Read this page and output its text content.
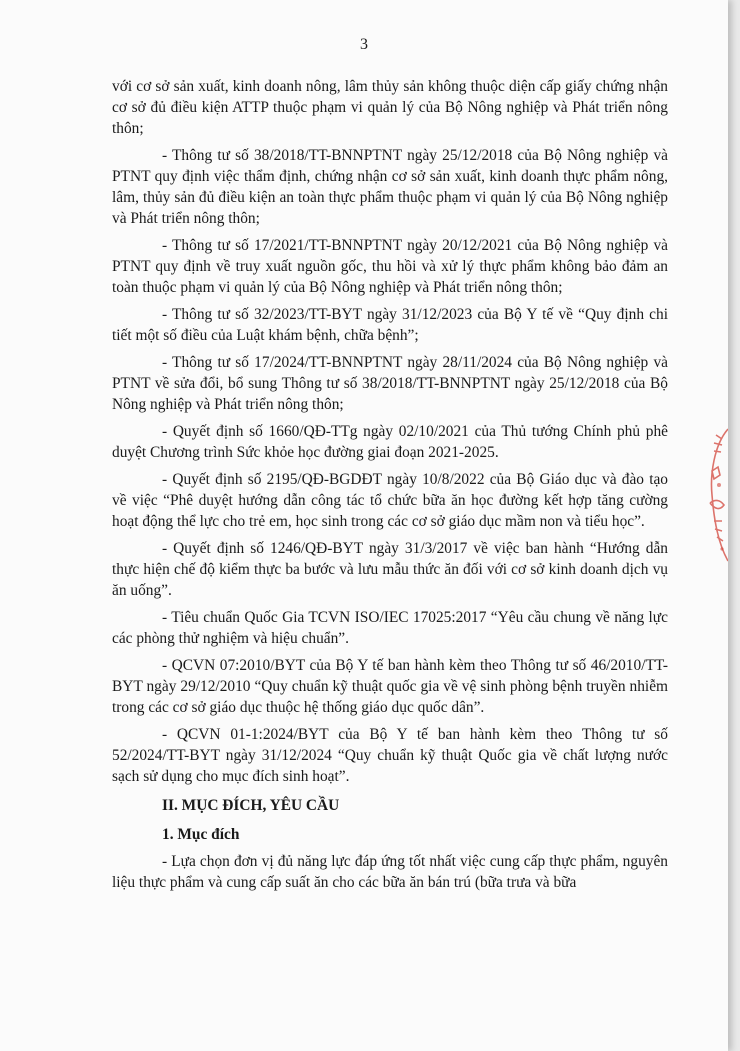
3

với cơ sở sản xuất, kinh doanh nông, lâm thủy sản không thuộc diện cấp giấy chứng nhận cơ sở đủ điều kiện ATTP thuộc phạm vi quản lý của Bộ Nông nghiệp và Phát triển nông thôn;

- Thông tư số 38/2018/TT-BNNPTNT ngày 25/12/2018 của Bộ Nông nghiệp và PTNT quy định việc thẩm định, chứng nhận cơ sở sản xuất, kinh doanh thực phẩm nông, lâm, thủy sản đủ điều kiện an toàn thực phẩm thuộc phạm vi quản lý của Bộ Nông nghiệp và Phát triển nông thôn;

- Thông tư số 17/2021/TT-BNNPTNT ngày 20/12/2021 của Bộ Nông nghiệp và PTNT quy định về truy xuất nguồn gốc, thu hồi và xử lý thực phẩm không bảo đảm an toàn thuộc phạm vi quản lý của Bộ Nông nghiệp và Phát triển nông thôn;

- Thông tư số 32/2023/TT-BYT ngày 31/12/2023 của Bộ Y tế về “Quy định chi tiết một số điều của Luật khám bệnh, chữa bệnh”;

- Thông tư số 17/2024/TT-BNNPTNT ngày 28/11/2024 của Bộ Nông nghiệp và PTNT về sửa đổi, bổ sung Thông tư số 38/2018/TT-BNNPTNT ngày 25/12/2018 của Bộ Nông nghiệp và Phát triển nông thôn;

- Quyết định số 1660/QĐ-TTg ngày 02/10/2021 của Thủ tướng Chính phủ phê duyệt Chương trình Sức khỏe học đường giai đoạn 2021-2025.

- Quyết định số 2195/QĐ-BGDĐT ngày 10/8/2022 của Bộ Giáo dục và đào tạo về việc “Phê duyệt hướng dẫn công tác tổ chức bữa ăn học đường kết hợp tăng cường hoạt động thể lực cho trẻ em, học sinh trong các cơ sở giáo dục mầm non và tiểu học”.

- Quyết định số 1246/QĐ-BYT ngày 31/3/2017 về việc ban hành “Hướng dẫn thực hiện chế độ kiểm thực ba bước và lưu mẫu thức ăn đối với cơ sở kinh doanh dịch vụ ăn uống”.

- Tiêu chuẩn Quốc Gia TCVN ISO/IEC 17025:2017 “Yêu cầu chung về năng lực các phòng thử nghiệm và hiệu chuẩn”.

- QCVN 07:2010/BYT của Bộ Y tế ban hành kèm theo Thông tư số 46/2010/TT-BYT ngày 29/12/2010 “Quy chuẩn kỹ thuật quốc gia về vệ sinh phòng bệnh truyền nhiễm trong các cơ sở giáo dục thuộc hệ thống giáo dục quốc dân”.

- QCVN 01-1:2024/BYT của Bộ Y tế ban hành kèm theo Thông tư số 52/2024/TT-BYT ngày 31/12/2024 “Quy chuẩn kỹ thuật Quốc gia về chất lượng nước sạch sử dụng cho mục đích sinh hoạt”.

II. MỤC ĐÍCH, YÊU CẦU

1. Mục đích

- Lựa chọn đơn vị đủ năng lực đáp ứng tốt nhất việc cung cấp thực phẩm, nguyên liệu thực phẩm và cung cấp suất ăn cho các bữa ăn bán trú (bữa trưa và bữa
